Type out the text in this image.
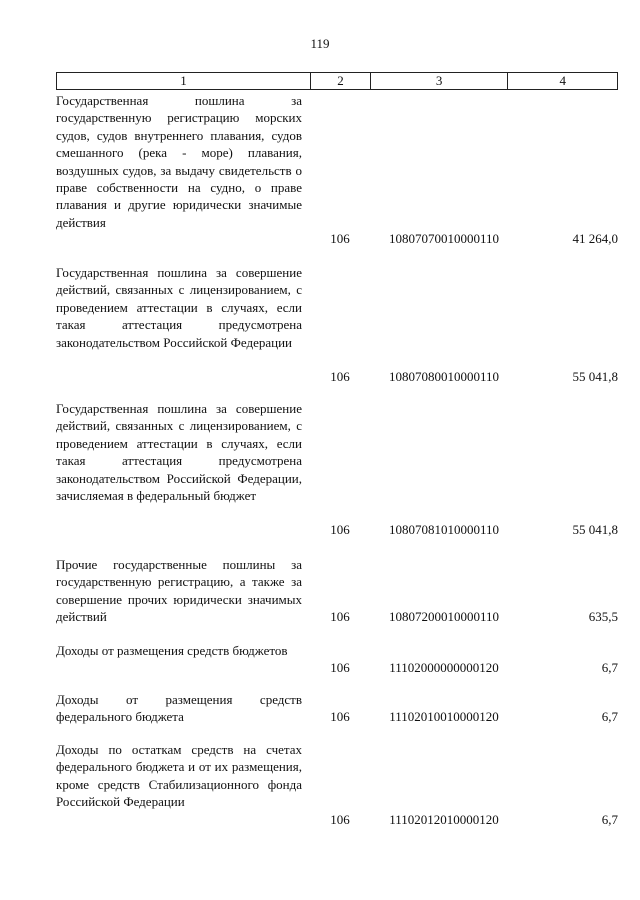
119
1	2	3	4
Государственная пошлина за государственную регистрацию морских судов, судов внутреннего плавания, судов смешанного (река - море) плавания, воздушных судов, за выдачу свидетельств о праве собственности на судно, о праве плавания и другие юридически значимые действия
106	10807070010000110	41 264,0
Государственная пошлина за совершение действий, связанных с лицензированием, с проведением аттестации в случаях, если такая аттестация предусмотрена законодательством Российской Федерации
106	10807080010000110	55 041,8
Государственная пошлина за совершение действий, связанных с лицензированием, с проведением аттестации в случаях, если такая аттестация предусмотрена законодательством Российской Федерации, зачисляемая в федеральный бюджет
106	10807081010000110	55 041,8
Прочие государственные пошлины за государственную регистрацию, а также за совершение прочих юридически значимых действий	106	10807200010000110	635,5
Доходы от размещения средств бюджетов
106	11102000000000120	6,7
Доходы от размещения средств федерального бюджета	106	11102010010000120	6,7
Доходы по остаткам средств на счетах федерального бюджета и от их размещения, кроме средств Стабилизационного фонда Российской Федерации
106	11102012010000120	6,7
